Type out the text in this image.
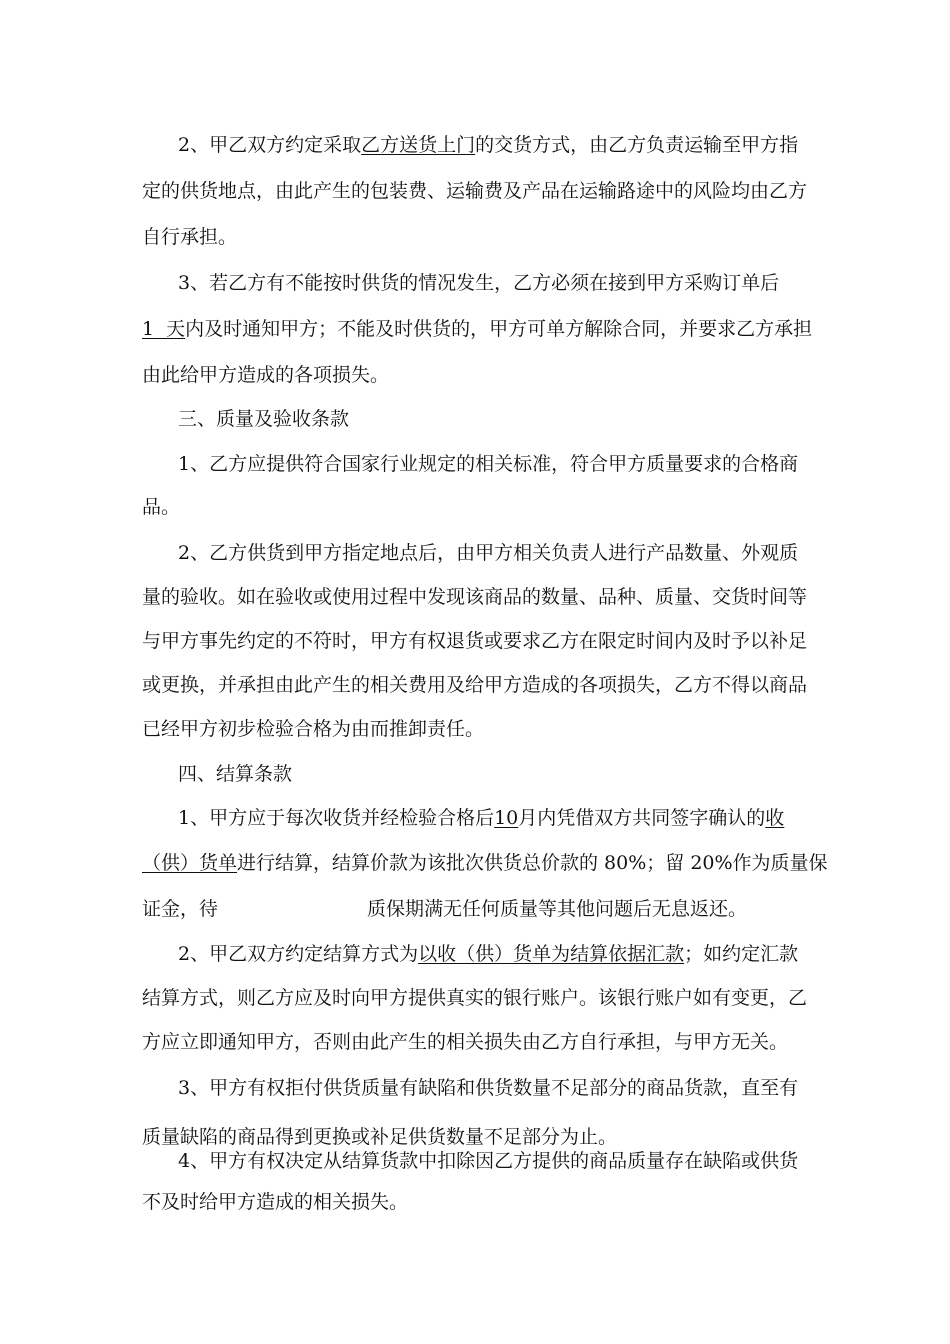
2、甲乙双方约定采取乙方送货上门的交货方式，由乙方负责运输至甲方指
定的供货地点，由此产生的包装费、运输费及产品在运输路途中的风险均由乙方
自行承担。
3、若乙方有不能按时供货的情况发生，乙方必须在接到甲方采购订单后
1  天内及时通知甲方；不能及时供货的，甲方可单方解除合同，并要求乙方承担
由此给甲方造成的各项损失。
三、质量及验收条款
1、乙方应提供符合国家行业规定的相关标准，符合甲方质量要求的合格商
品。
2、乙方供货到甲方指定地点后，由甲方相关负责人进行产品数量、外观质
量的验收。如在验收或使用过程中发现该商品的数量、品种、质量、交货时间等
与甲方事先约定的不符时，甲方有权退货或要求乙方在限定时间内及时予以补足
或更换，并承担由此产生的相关费用及给甲方造成的各项损失，乙方不得以商品
已经甲方初步检验合格为由而推卸责任。
四、结算条款
1、甲方应于每次收货并经检验合格后10月内凭借双方共同签字确认的收
（供）货单进行结算，结算价款为该批次供货总价款的 80%；留 20%作为质量保
证金，待	质保期满无任何质量等其他问题后无息返还。
2、甲乙双方约定结算方式为以收（供）货单为结算依据汇款；如约定汇款
结算方式，则乙方应及时向甲方提供真实的银行账户。该银行账户如有变更，乙
方应立即通知甲方，否则由此产生的相关损失由乙方自行承担，与甲方无关。
3、甲方有权拒付供货质量有缺陷和供货数量不足部分的商品货款，直至有
质量缺陷的商品得到更换或补足供货数量不足部分为止。
4、甲方有权决定从结算货款中扣除因乙方提供的商品质量存在缺陷或供货
不及时给甲方造成的相关损失。
